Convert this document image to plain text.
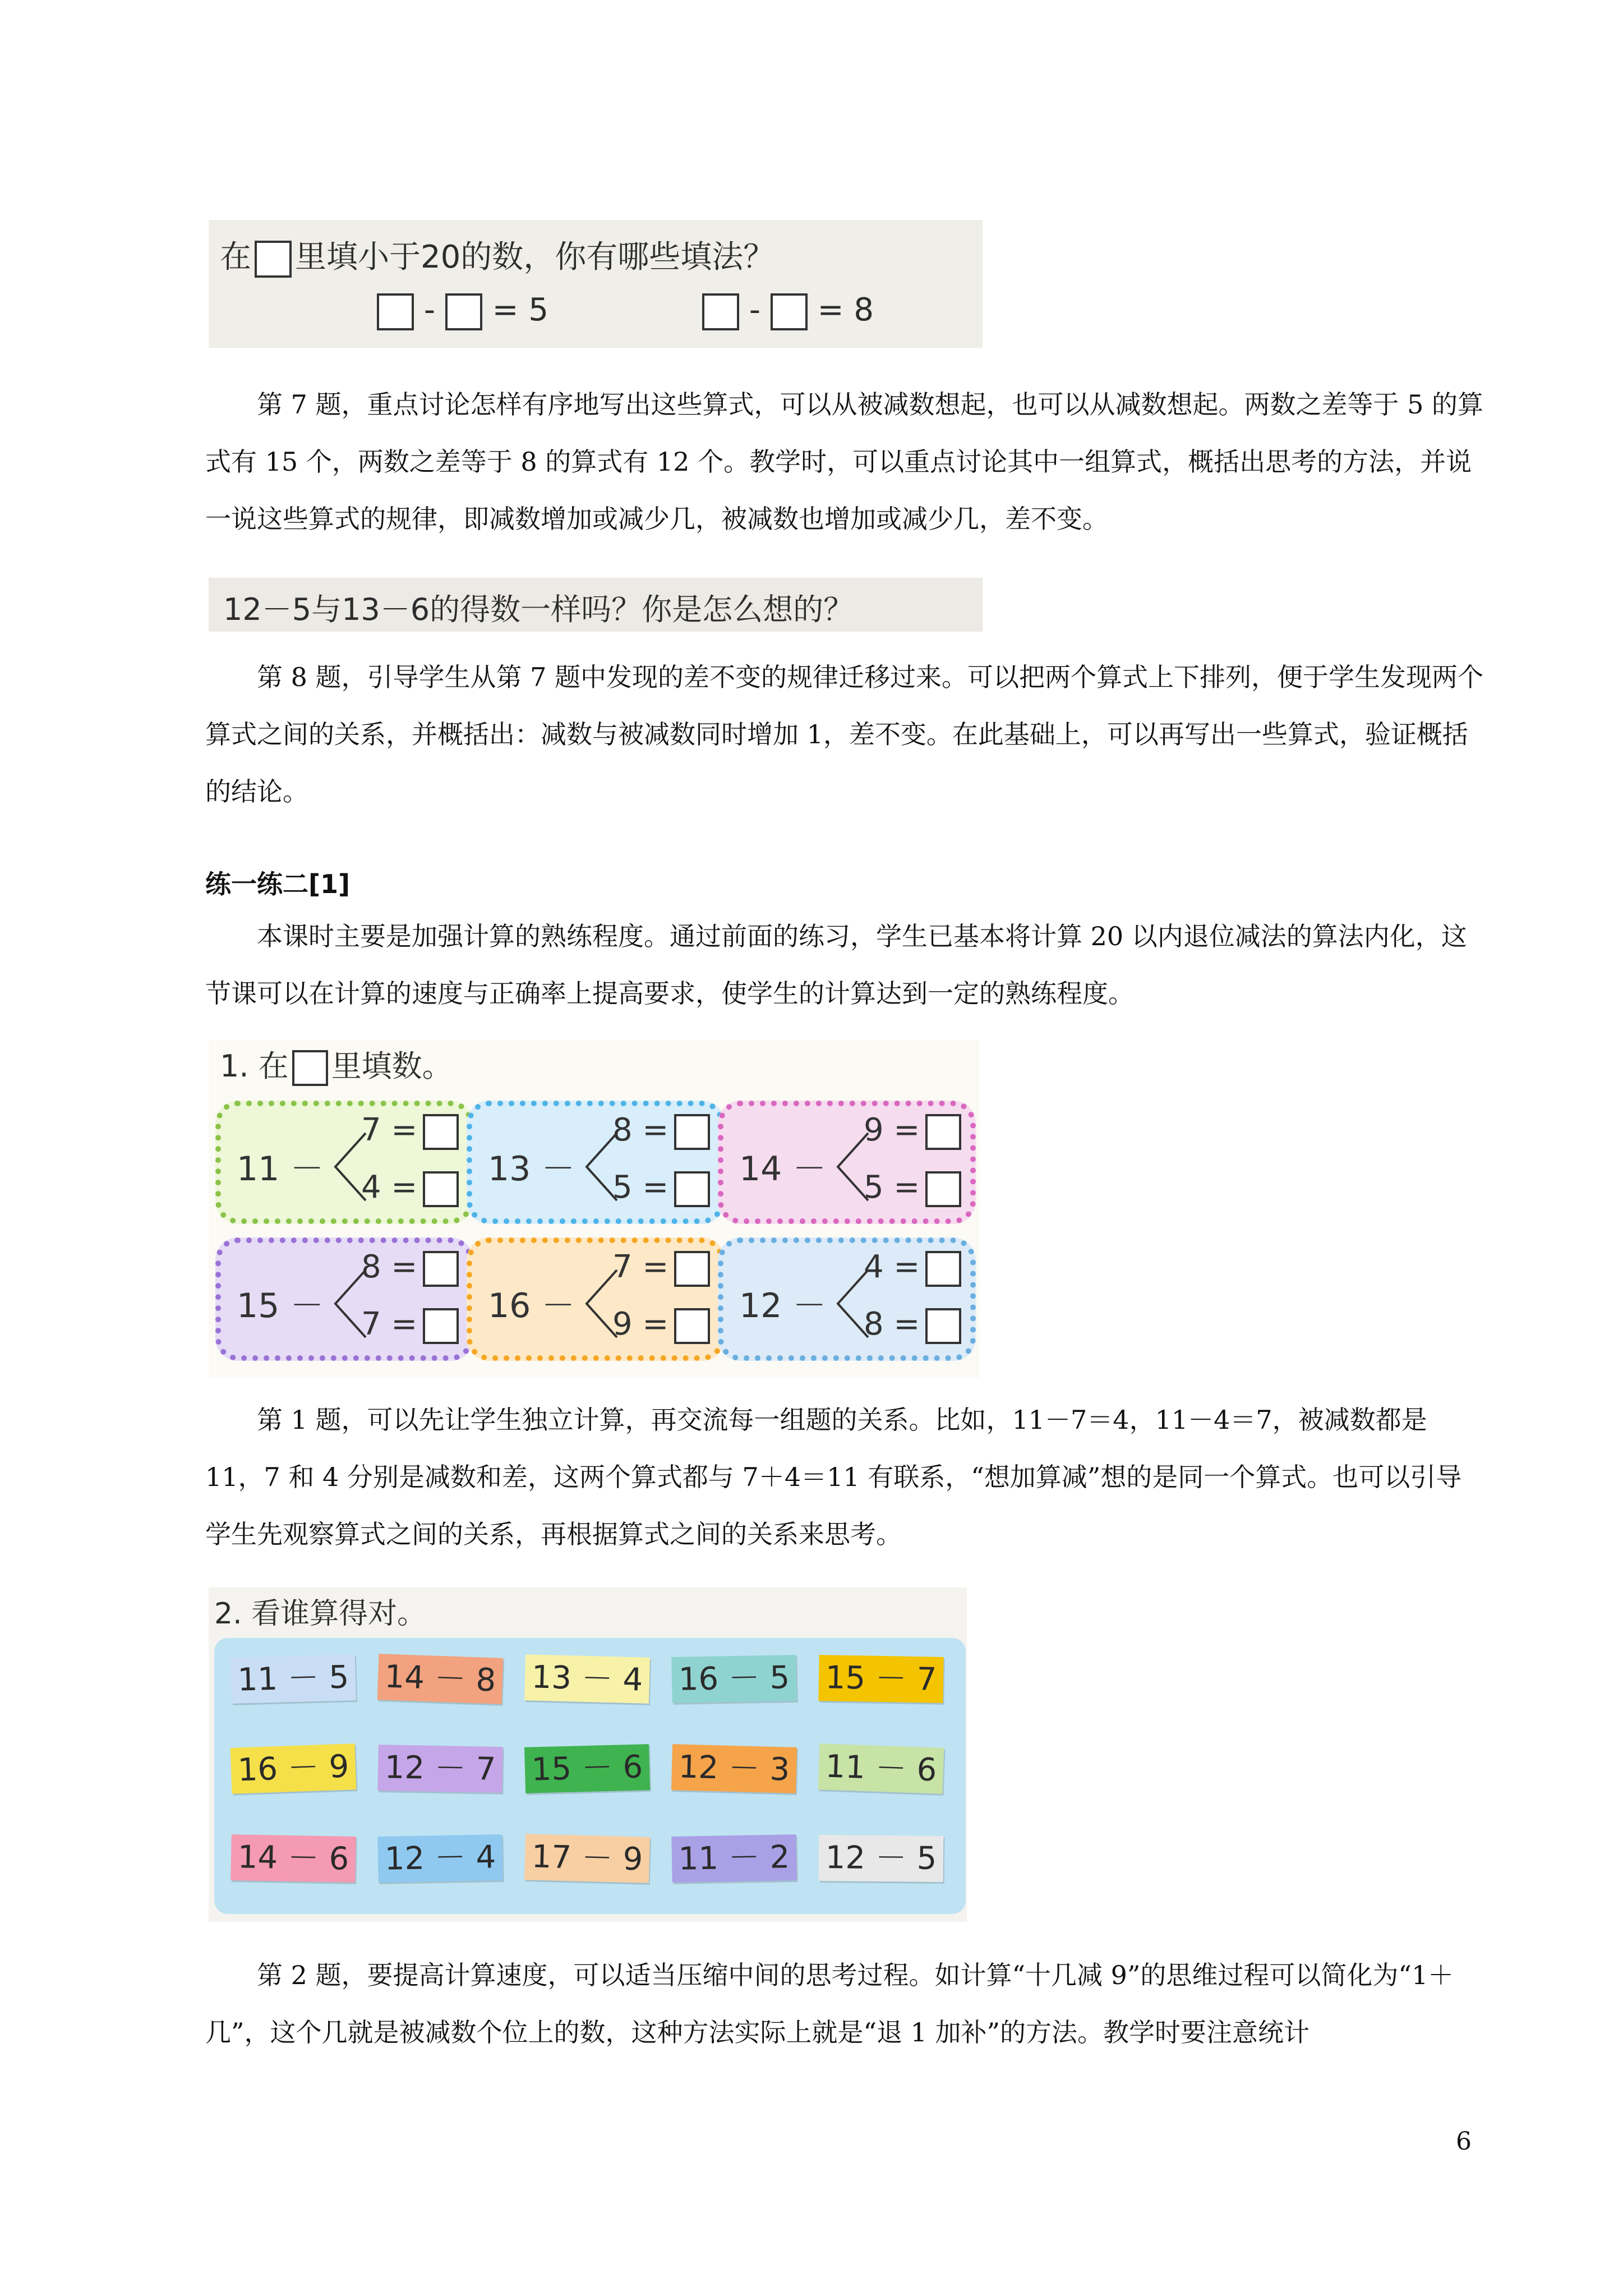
在 里填小于20的数，你有哪些填法？
- = 5	- = 8

第 7 题，重点讨论怎样有序地写出这些算式，可以从被减数想起，也可以从减数想起。两数之差等于 5 的算式有 15 个，两数之差等于 8 的算式有 12 个。教学时，可以重点讨论其中一组算式，概括出思考的方法，并说一说这些算式的规律，即减数增加或减少几，被减数也增加或减少几，差不变。

12－5与13－6的得数一样吗？你是怎么想的？

第 8 题，引导学生从第 7 题中发现的差不变的规律迁移过来。可以把两个算式上下排列，便于学生发现两个算式之间的关系，并概括出：减数与被减数同时增加 1，差不变。在此基础上，可以再写出一些算式，验证概括的结论。

练一练二[1]

本课时主要是加强计算的熟练程度。通过前面的练习，学生已基本将计算 20 以内退位减法的算法内化，这节课可以在计算的速度与正确率上提高要求，使学生的计算达到一定的熟练程度。

1. 在 里填数。
11 －
7 =
4 =	13 －
8 =
5 =	14 －
9 =
5 =
15 －
8 =
7 =	16 －
7 =
9 =	12 －
4 =
8 =

第 1 题，可以先让学生独立计算，再交流每一组题的关系。比如，11－7＝4，11－4＝7，被减数都是 11，7 和 4 分别是减数和差，这两个算式都与 7＋4＝11 有联系，“想加算减”想的是同一个算式。也可以引导学生先观察算式之间的关系，再根据算式之间的关系来思考。

2. 看谁算得对。
11 － 5 14 － 8 13 － 4 16 － 5 15 － 7
16 － 9 12 － 7 15 － 6 12 － 3 11 － 6
14 － 6 12 － 4 17 － 9 11 － 2 12 － 5

第 2 题，要提高计算速度，可以适当压缩中间的思考过程。如计算“十几减 9”的思维过程可以简化为“1＋几”，这个几就是被减数个位上的数，这种方法实际上就是“退 1 加补”的方法。教学时要注意统计

6
